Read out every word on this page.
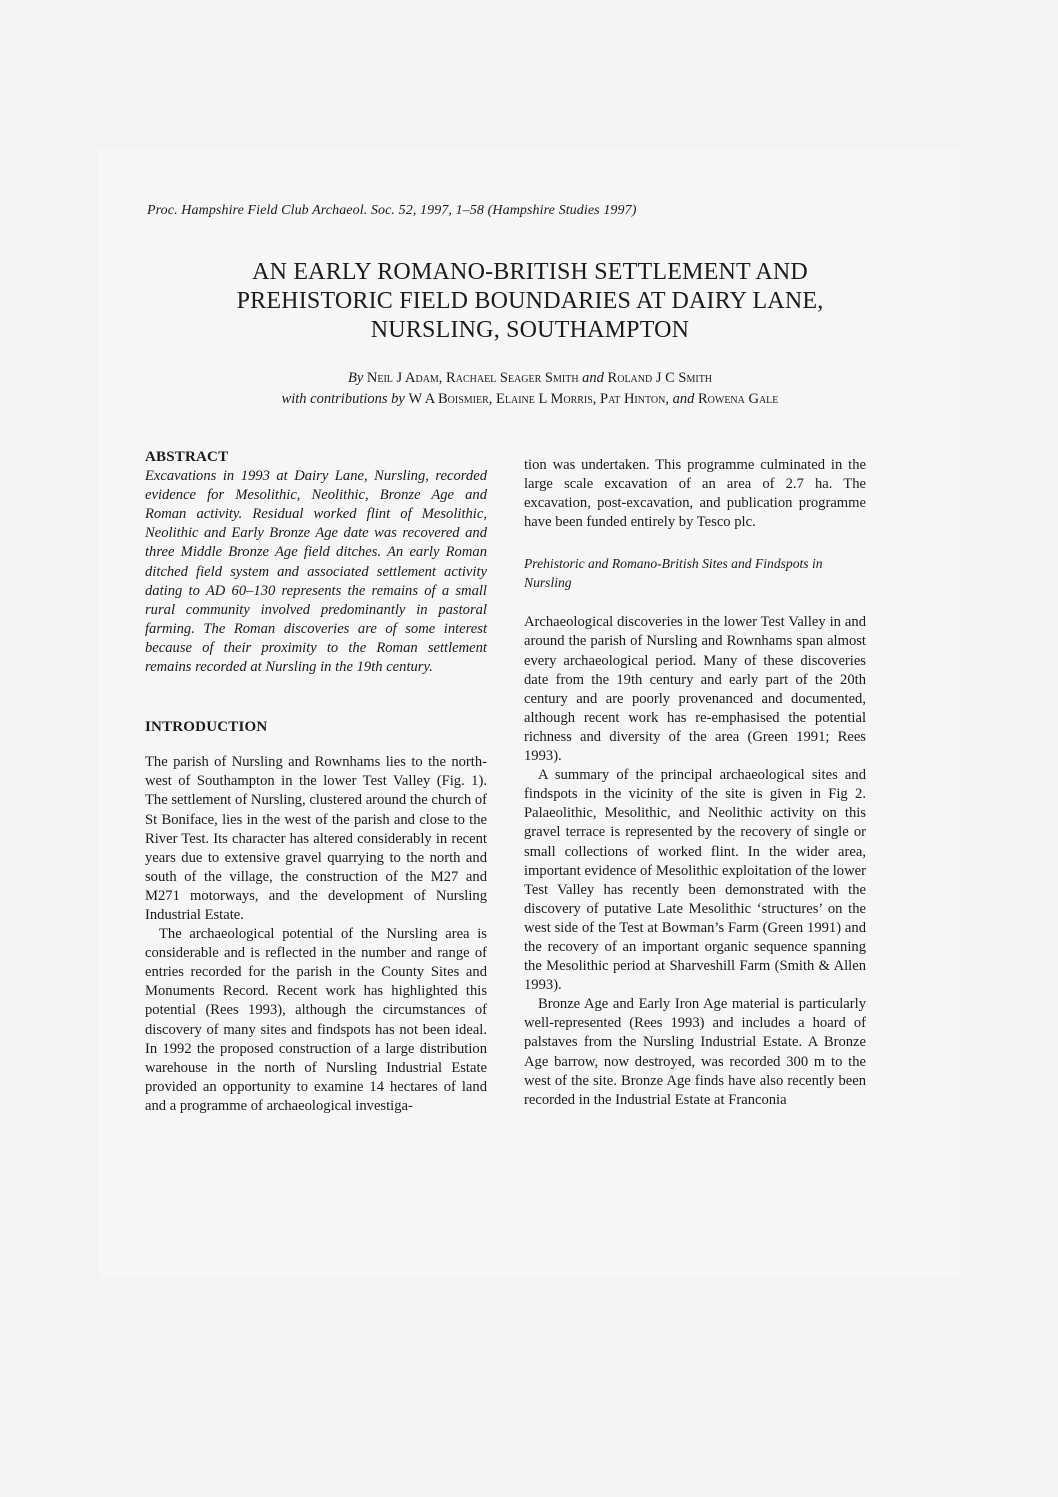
Proc. Hampshire Field Club Archaeol. Soc. 52, 1997, 1–58 (Hampshire Studies 1997)
AN EARLY ROMANO-BRITISH SETTLEMENT AND
PREHISTORIC FIELD BOUNDARIES AT DAIRY LANE,
NURSLING, SOUTHAMPTON
By Neil J Adam, Rachael Seager Smith and Roland J C Smith
with contributions by W A Boismier, Elaine L Morris, Pat Hinton, and Rowena Gale
ABSTRACT

Excavations in 1993 at Dairy Lane, Nursling, recorded evidence for Mesolithic, Neolithic, Bronze Age and Roman activity. Residual worked flint of Mesolithic, Neolithic and Early Bronze Age date was recovered and three Middle Bronze Age field ditches. An early Roman ditched field system and associated settlement activity dating to AD 60–130 represents the remains of a small rural community involved predominantly in pastoral farming. The Roman discoveries are of some interest because of their proximity to the Roman settlement remains recorded at Nursling in the 19th century.

INTRODUCTION

The parish of Nursling and Rownhams lies to the north-west of Southampton in the lower Test Valley (Fig. 1). The settlement of Nursling, clustered around the church of St Boniface, lies in the west of the parish and close to the River Test. Its character has altered considerably in recent years due to extensive gravel quarrying to the north and south of the village, the construction of the M27 and M271 motorways, and the development of Nursling Industrial Estate.

The archaeological potential of the Nursling area is considerable and is reflected in the number and range of entries recorded for the parish in the County Sites and Monuments Record. Recent work has highlighted this potential (Rees 1993), although the circumstances of discovery of many sites and findspots has not been ideal. In 1992 the proposed construction of a large distribution warehouse in the north of Nursling Industrial Estate provided an opportunity to examine 14 hectares of land and a programme of archaeological investiga-

tion was undertaken. This programme culminated in the large scale excavation of an area of 2.7 ha. The excavation, post-excavation, and publication programme have been funded entirely by Tesco plc.

Prehistoric and Romano-British Sites and Findspots in Nursling

Archaeological discoveries in the lower Test Valley in and around the parish of Nursling and Rownhams span almost every archaeological period. Many of these discoveries date from the 19th century and early part of the 20th century and are poorly provenanced and documented, although recent work has re-emphasised the potential richness and diversity of the area (Green 1991; Rees 1993).

A summary of the principal archaeological sites and findspots in the vicinity of the site is given in Fig 2. Palaeolithic, Mesolithic, and Neolithic activity on this gravel terrace is represented by the recovery of single or small collections of worked flint. In the wider area, important evidence of Mesolithic exploitation of the lower Test Valley has recently been demonstrated with the discovery of putative Late Mesolithic ‘structures’ on the west side of the Test at Bowman’s Farm (Green 1991) and the recovery of an important organic sequence spanning the Mesolithic period at Sharveshill Farm (Smith & Allen 1993).

Bronze Age and Early Iron Age material is particularly well-represented (Rees 1993) and includes a hoard of palstaves from the Nursling Industrial Estate. A Bronze Age barrow, now destroyed, was recorded 300 m to the west of the site. Bronze Age finds have also recently been recorded in the Industrial Estate at Franconia
